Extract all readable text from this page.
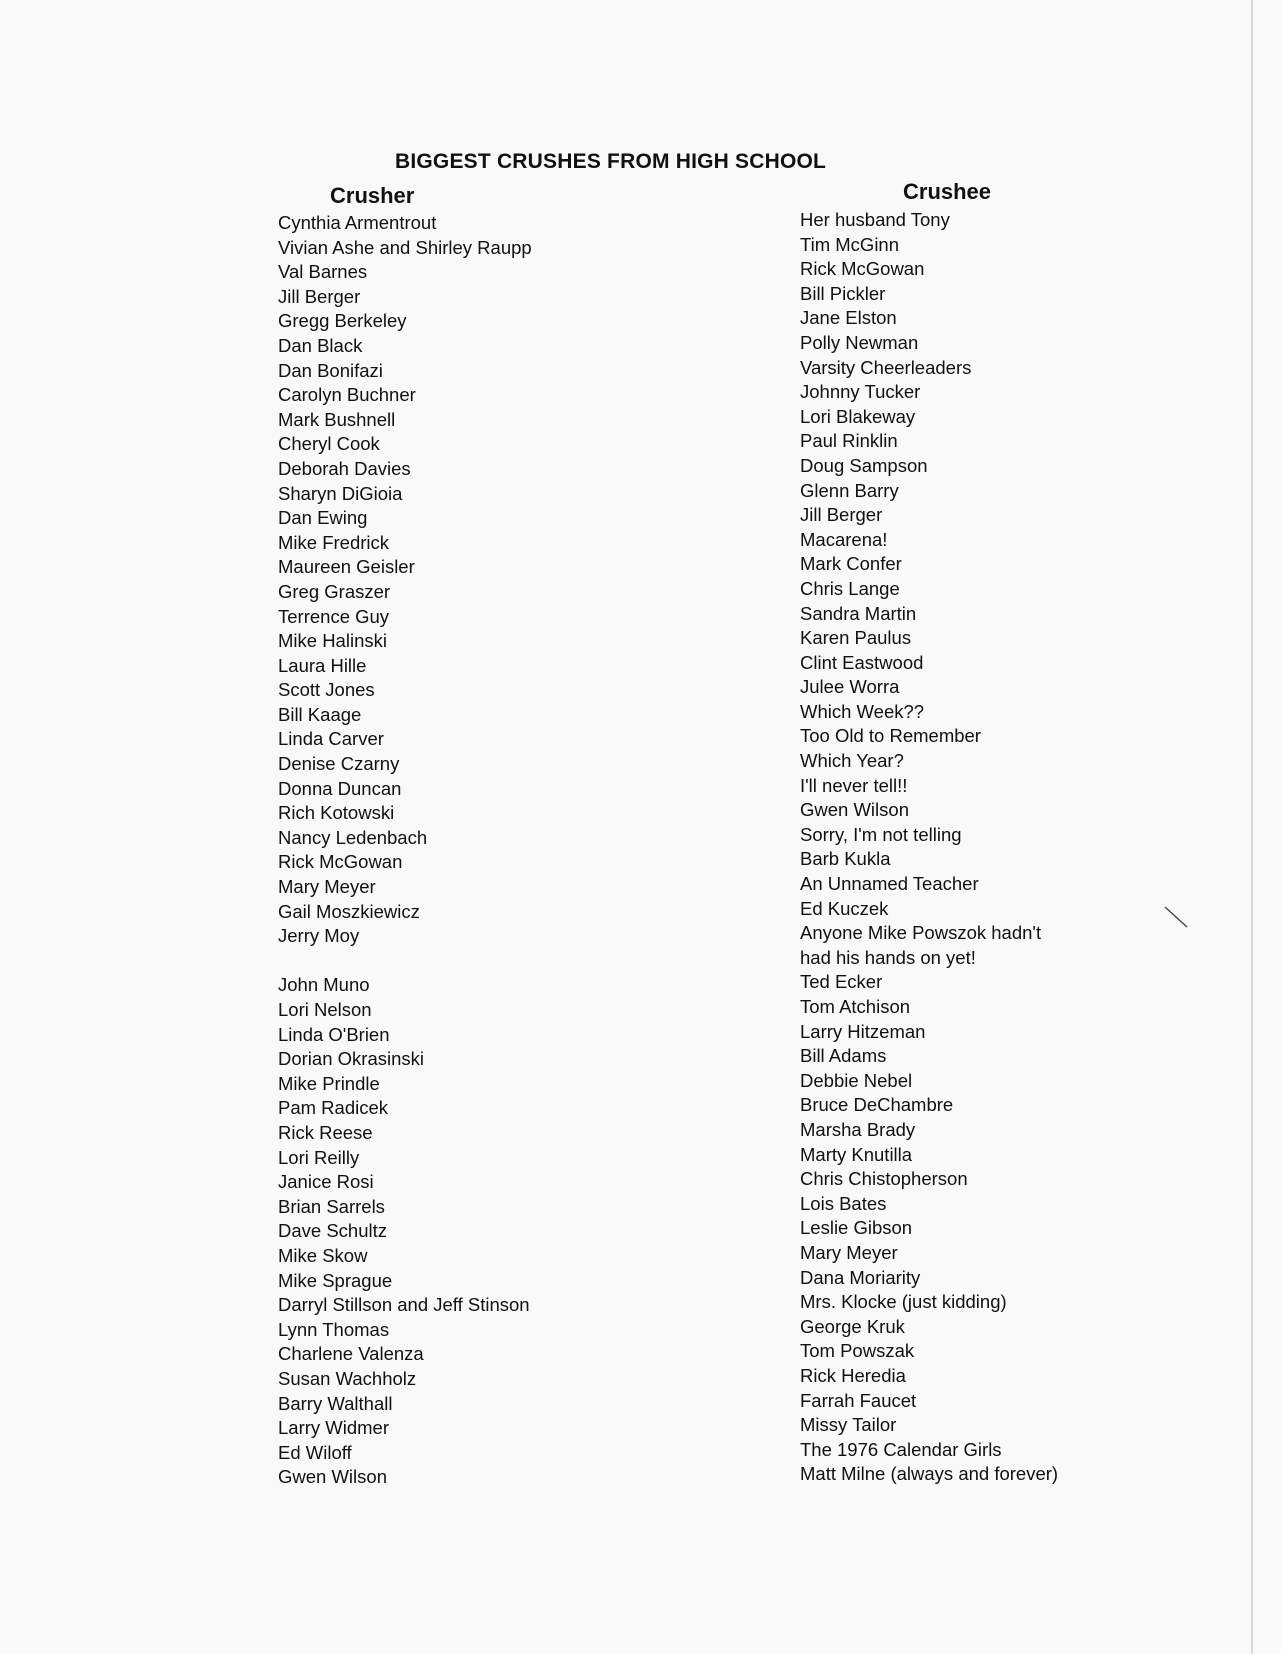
BIGGEST CRUSHES FROM HIGH SCHOOL
Crusher	Crushee
Cynthia Armentrout
Vivian Ashe and Shirley Raupp
Val Barnes
Jill Berger
Gregg Berkeley
Dan Black
Dan Bonifazi
Carolyn Buchner
Mark Bushnell
Cheryl Cook
Deborah Davies
Sharyn DiGioia
Dan Ewing
Mike Fredrick
Maureen Geisler
Greg Graszer
Terrence Guy
Mike Halinski
Laura Hille
Scott Jones
Bill Kaage
Linda Carver
Denise Czarny
Donna Duncan
Rich Kotowski
Nancy Ledenbach
Rick McGowan
Mary Meyer
Gail Moszkiewicz
Jerry Moy
John Muno
Lori Nelson
Linda O'Brien
Dorian Okrasinski
Mike Prindle
Pam Radicek
Rick Reese
Lori Reilly
Janice Rosi
Brian Sarrels
Dave Schultz
Mike Skow
Mike Sprague
Darryl Stillson and Jeff Stinson
Lynn Thomas
Charlene Valenza
Susan Wachholz
Barry Walthall
Larry Widmer
Ed Wiloff
Gwen Wilson
Her husband Tony
Tim McGinn
Rick McGowan
Bill Pickler
Jane Elston
Polly Newman
Varsity Cheerleaders
Johnny Tucker
Lori Blakeway
Paul Rinklin
Doug Sampson
Glenn Barry
Jill Berger
Macarena!
Mark Confer
Chris Lange
Sandra Martin
Karen Paulus
Clint Eastwood
Julee Worra
Which Week??
Too Old to Remember
Which Year?
I'll never tell!!
Gwen Wilson
Sorry, I'm not telling
Barb Kukla
An Unnamed Teacher
Ed Kuczek
Anyone Mike Powszok hadn't
had his hands on yet!
Ted Ecker
Tom Atchison
Larry Hitzeman
Bill Adams
Debbie Nebel
Bruce DeChambre
Marsha Brady
Marty Knutilla
Chris Chistopherson
Lois Bates
Leslie Gibson
Mary Meyer
Dana Moriarity
Mrs. Klocke (just kidding)
George Kruk
Tom Powszak
Rick Heredia
Farrah Faucet
Missy Tailor
The 1976 Calendar Girls
Matt Milne (always and forever)
